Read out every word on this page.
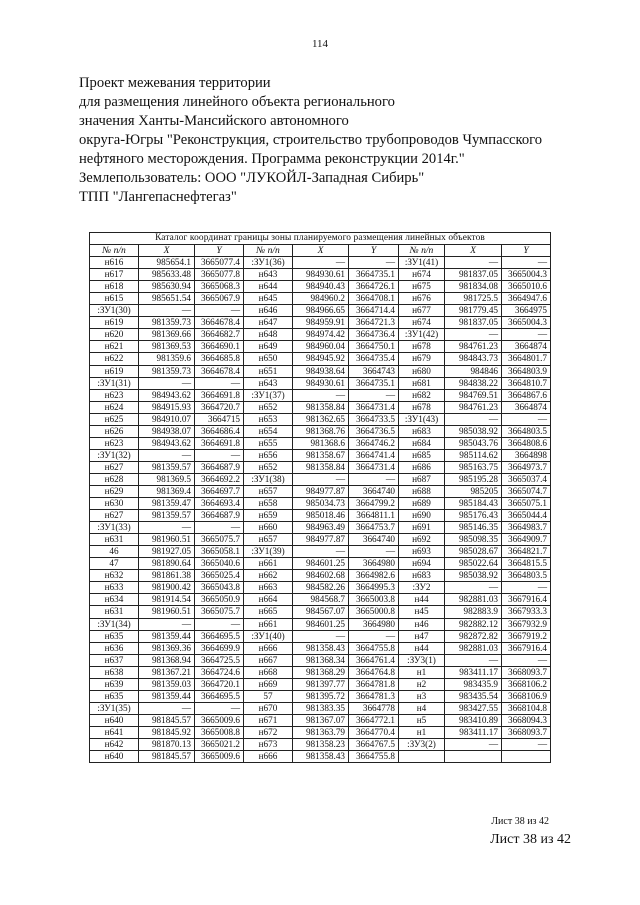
114
Проект межевания территории
для размещения линейного объекта регионального
значения Ханты-Мансийского автономного
округа-Югры "Реконструкция, строительство трубопроводов Чумпасского
нефтяного месторождения. Программа реконструкции 2014г."
Землепользователь: ООО "ЛУКОЙЛ-Западная Сибирь"
ТПП "Лангепаснефтегаз"
Каталог координат границы зоны планируемого размещения линейных объектов								
№ п/п	X	Y	№ п/п	X	Y	№ п/п	X	Y
н616	985654.1	3665077.4	:ЗУ1(36)	—	—	:ЗУ1(41)	—	—
н617	985633.48	3665077.8	н643	984930.61	3664735.1	н674	981837.05	3665004.3
н618	985630.94	3665068.3	н644	984940.43	3664726.1	н675	981834.08	3665010.6
н615	985651.54	3665067.9	н645	984960.2	3664708.1	н676	981725.5	3664947.6
:ЗУ1(30)	—	—	н646	984966.65	3664714.4	н677	981779.45	3664975
н619	981359.73	3664678.4	н647	984959.91	3664721.3	н674	981837.05	3665004.3
н620	981369.66	3664682.7	н648	984974.42	3664736.4	:ЗУ1(42)	—	—
н621	981369.53	3664690.1	н649	984960.04	3664750.1	н678	984761.23	3664874
н622	981359.6	3664685.8	н650	984945.92	3664735.4	н679	984843.73	3664801.7
н619	981359.73	3664678.4	н651	984938.64	3664743	н680	984846	3664803.9
:ЗУ1(31)	—	—	н643	984930.61	3664735.1	н681	984838.22	3664810.7
н623	984943.62	3664691.8	:ЗУ1(37)	—	—	н682	984769.51	3664867.6
н624	984915.93	3664720.7	н652	981358.84	3664731.4	н678	984761.23	3664874
н625	984910.07	3664715	н653	981362.65	3664733.5	:ЗУ1(43)	—	—
н626	984938.07	3664686.4	н654	981368.76	3664736.5	н683	985038.92	3664803.5
н623	984943.62	3664691.8	н655	981368.6	3664746.2	н684	985043.76	3664808.6
:ЗУ1(32)	—	—	н656	981358.67	3664741.4	н685	985114.62	3664898
н627	981359.57	3664687.9	н652	981358.84	3664731.4	н686	985163.75	3664973.7
н628	981369.5	3664692.2	:ЗУ1(38)	—	—	н687	985195.28	3665037.4
н629	981369.4	3664697.7	н657	984977.87	3664740	н688	985205	3665074.7
н630	981359.47	3664693.4	н658	985034.73	3664799.2	н689	985184.43	3665075.1
н627	981359.57	3664687.9	н659	985018.46	3664811.1	н690	985176.43	3665044.4
:ЗУ1(33)	—	—	н660	984963.49	3664753.7	н691	985146.35	3664983.7
н631	981960.51	3665075.7	н657	984977.87	3664740	н692	985098.35	3664909.7
46	981927.05	3665058.1	:ЗУ1(39)	—	—	н693	985028.67	3664821.7
47	981890.64	3665040.6	н661	984601.25	3664980	н694	985022.64	3664815.5
н632	981861.38	3665025.4	н662	984602.68	3664982.6	н683	985038.92	3664803.5
н633	981900.42	3665043.8	н663	984582.26	3664995.3	:ЗУ2	—	—
н634	981914.54	3665050.9	н664	984568.7	3665003.8	н44	982881.03	3667916.4
н631	981960.51	3665075.7	н665	984567.07	3665000.8	н45	982883.9	3667933.3
:ЗУ1(34)	—	—	н661	984601.25	3664980	н46	982882.12	3667932.9
н635	981359.44	3664695.5	:ЗУ1(40)	—	—	н47	982872.82	3667919.2
н636	981369.36	3664699.9	н666	981358.43	3664755.8	н44	982881.03	3667916.4
н637	981368.94	3664725.5	н667	981368.34	3664761.4	:ЗУ3(1)	—	—
н638	981367.21	3664724.6	н668	981368.29	3664764.8	н1	983411.17	3668093.7
н639	981359.03	3664720.1	н669	981397.77	3664781.8	н2	983435.9	3668106.2
н635	981359.44	3664695.5	57	981395.72	3664781.3	н3	983435.54	3668106.9
:ЗУ1(35)	—	—	н670	981383.35	3664778	н4	983427.55	3668104.8
н640	981845.57	3665009.6	н671	981367.07	3664772.1	н5	983410.89	3668094.3
н641	981845.92	3665008.8	н672	981363.79	3664770.4	н1	983411.17	3668093.7
н642	981870.13	3665021.2	н673	981358.23	3664767.5	:ЗУ3(2)	—	—
н640	981845.57	3665009.6	н666	981358.43	3664755.8			
Лист 38 из 42
Лист 38 из 42
